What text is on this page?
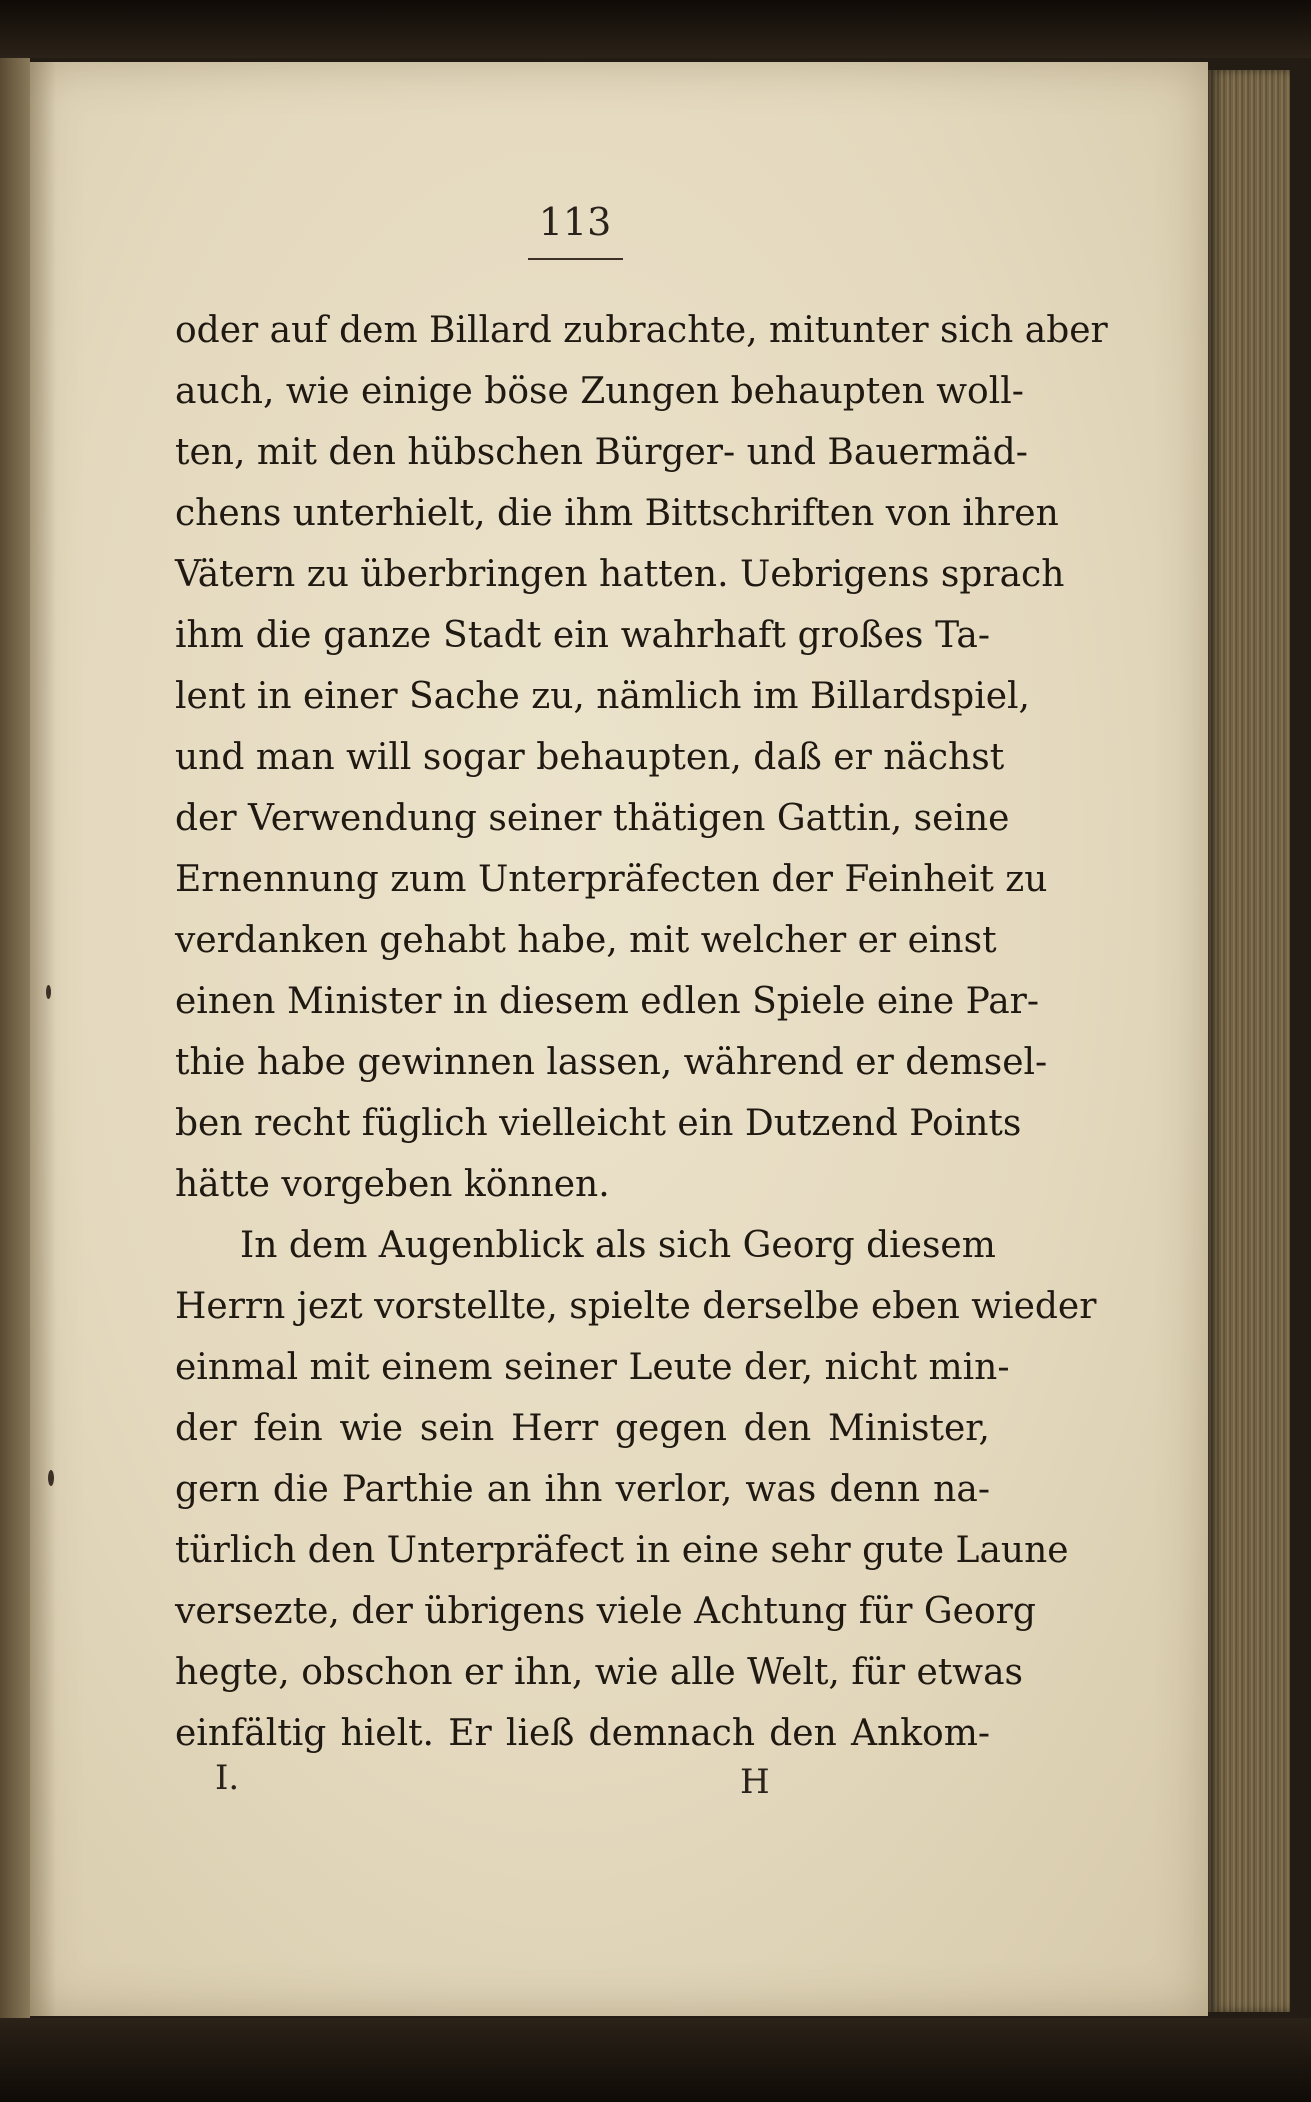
113
oder auf dem Billard zubrachte, mitunter sich aber
auch, wie einige böse Zungen behaupten woll-
ten, mit den hübschen Bürger- und Bauermäd-
chens unterhielt, die ihm Bittschriften von ihren
Vätern zu überbringen hatten. Uebrigens sprach
ihm die ganze Stadt ein wahrhaft großes Ta-
lent in einer Sache zu, nämlich im Billardspiel,
und man will sogar behaupten, daß er nächst
der Verwendung seiner thätigen Gattin, seine
Ernennung zum Unterpräfecten der Feinheit zu
verdanken gehabt habe, mit welcher er einst
einen Minister in diesem edlen Spiele eine Par-
thie habe gewinnen lassen, während er demsel-
ben recht füglich vielleicht ein Dutzend Points
hätte vorgeben können.
In dem Augenblick als sich Georg diesem
Herrn jezt vorstellte, spielte derselbe eben wieder
einmal mit einem seiner Leute der, nicht min-
der fein wie sein Herr gegen den Minister,
gern die Parthie an ihn verlor, was denn na-
türlich den Unterpräfect in eine sehr gute Laune
versezte, der übrigens viele Achtung für Georg
hegte, obschon er ihn, wie alle Welt, für etwas
einfältig hielt. Er ließ demnach den Ankom-
I.	H
